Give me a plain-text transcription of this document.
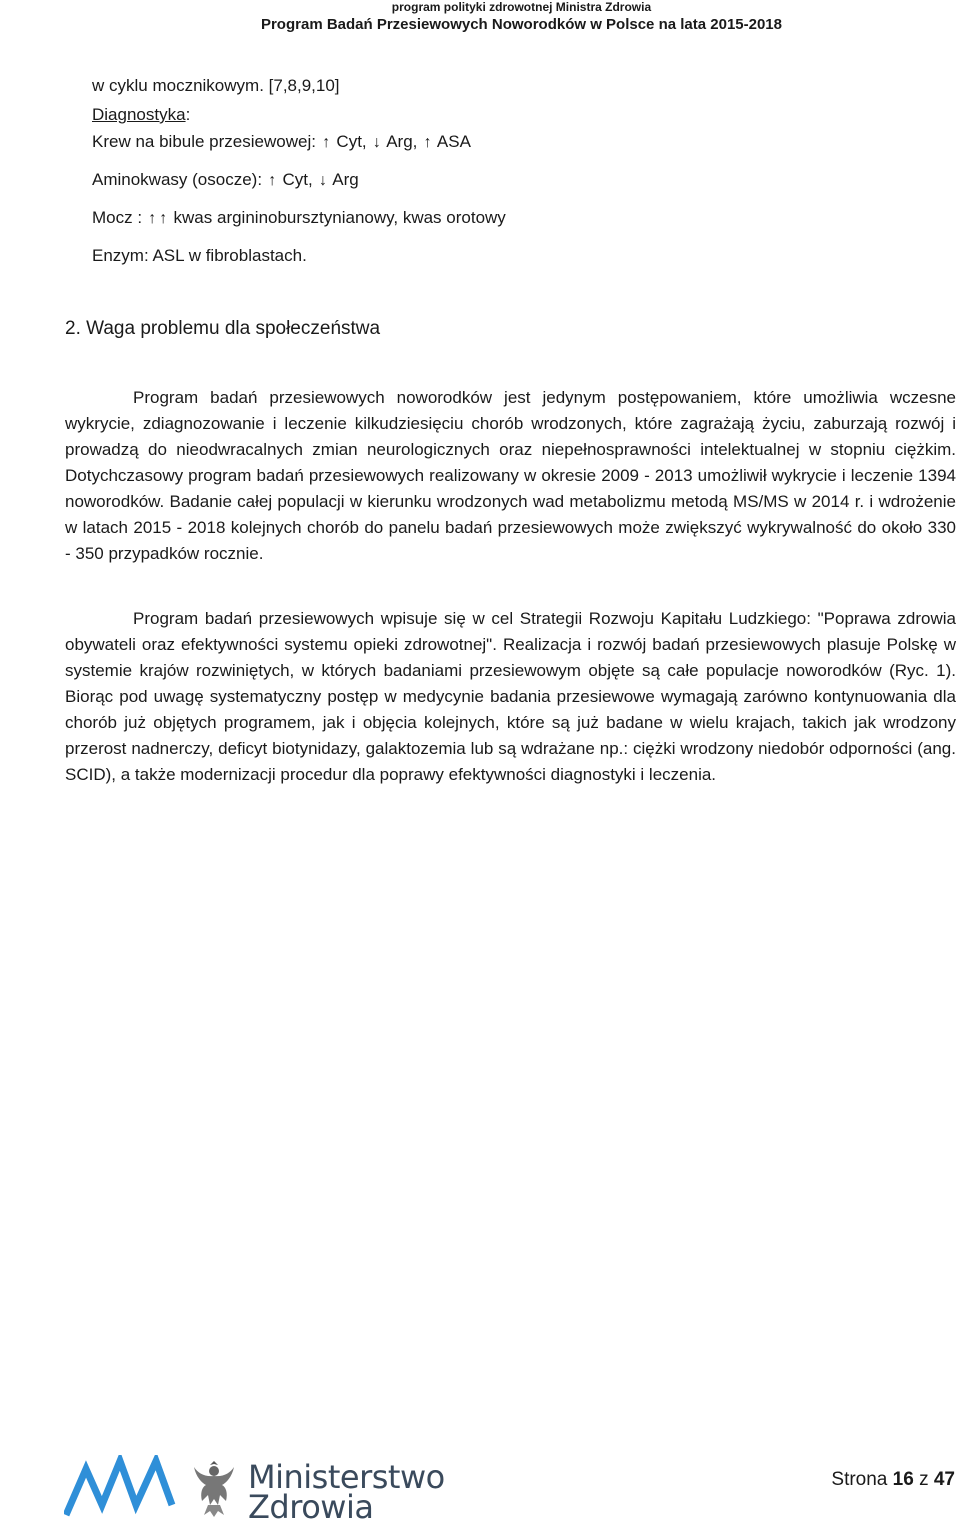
program polityki zdrowotnej Ministra Zdrowia
Program Badań Przesiewowych Noworodków w Polsce na lata 2015-2018
w cyklu mocznikowym. [7,8,9,10]
Diagnostyka:
Krew na bibule przesiewowej: ↑ Cyt, ↓ Arg, ↑ ASA
Aminokwasy (osocze): ↑ Cyt, ↓ Arg
Mocz : ↑ ↑ kwas argininobursztynianowy, kwas orotowy
Enzym: ASL w fibroblastach.
2. Waga problemu dla społeczeństwa

Program badań przesiewowych noworodków jest jedynym postępowaniem, które umożliwia wczesne wykrycie, zdiagnozowanie i leczenie kilkudziesięciu chorób wrodzonych, które zagrażają życiu, zaburzają rozwój i prowadzą do nieodwracalnych zmian neurologicznych oraz niepełnosprawności intelektualnej w stopniu ciężkim. Dotychczasowy program badań przesiewowych realizowany w okresie 2009 - 2013 umożliwił wykrycie i leczenie 1394 noworodków. Badanie całej populacji w kierunku wrodzonych wad metabolizmu metodą MS/MS w 2014 r. i wdrożenie w latach 2015 - 2018 kolejnych chorób do panelu badań przesiewowych może zwiększyć wykrywalność do około 330 - 350 przypadków rocznie.

Program badań przesiewowych wpisuje się w cel Strategii Rozwoju Kapitału Ludzkiego: "Poprawa zdrowia obywateli oraz efektywności systemu opieki zdrowotnej". Realizacja i rozwój badań przesiewowych plasuje Polskę w systemie krajów rozwiniętych, w których badaniami przesiewowym objęte są całe populacje noworodków (Ryc. 1). Biorąc pod uwagę systematyczny postęp w medycynie badania przesiewowe wymagają zarówno kontynuowania dla chorób już objętych programem, jak i objęcia kolejnych, które są już badane w wielu krajach, takich jak wrodzony przerost nadnerczy, deficyt biotynidazy, galaktozemia lub są wdrażane np.: ciężki wrodzony niedobór odporności (ang. SCID), a także modernizacji procedur dla poprawy efektywności diagnostyki i leczenia.

Ministerstwo
Zdrowia
Strona 16 z 47
